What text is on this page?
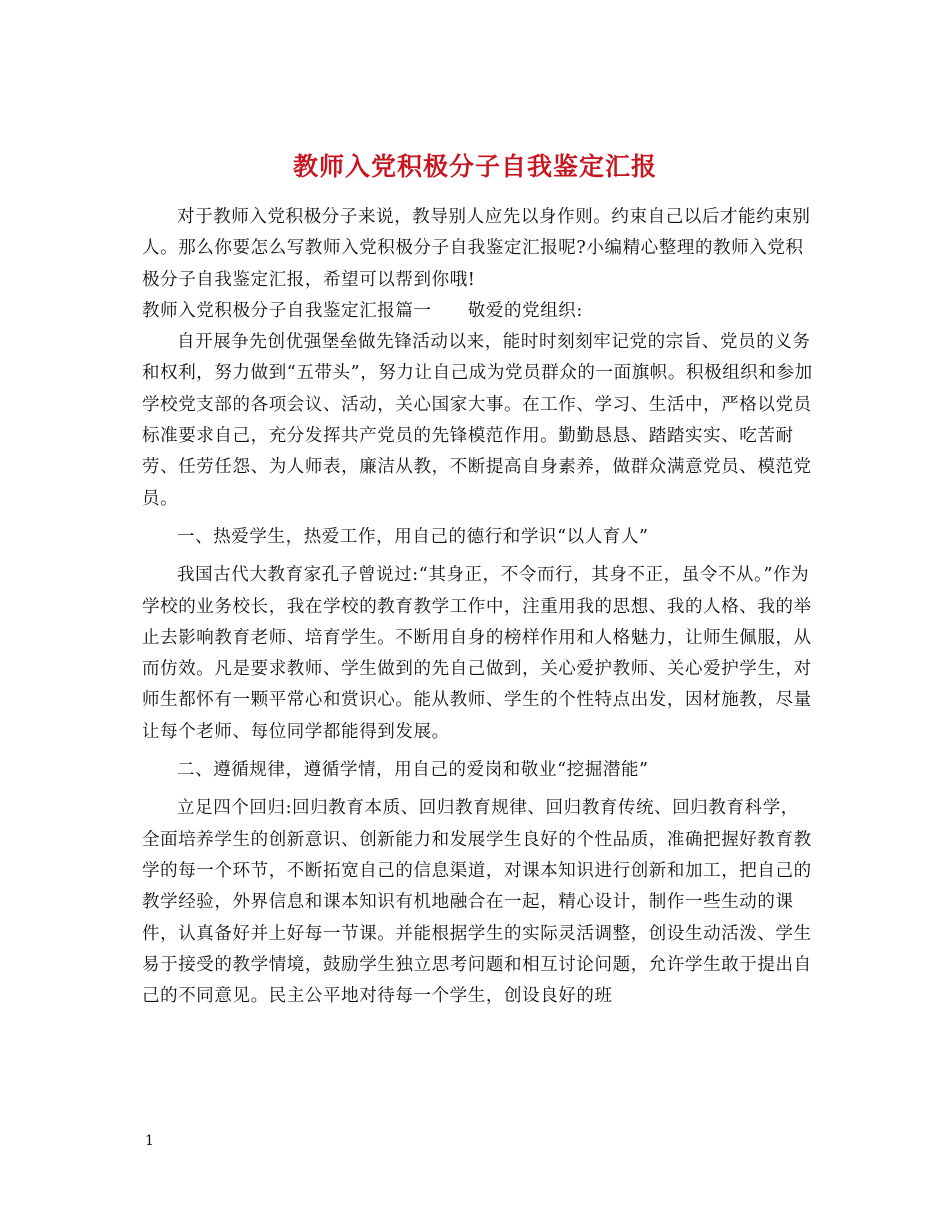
教师入党积极分子自我鉴定汇报

对于教师入党积极分子来说，教导别人应先以身作则。约束自己以后才能约束别人。那么你要怎么写教师入党积极分子自我鉴定汇报呢?小编精心整理的教师入党积极分子自我鉴定汇报，希望可以帮到你哦!

教师入党积极分子自我鉴定汇报篇一　　敬爱的党组织:

自开展争先创优强堡垒做先锋活动以来，能时时刻刻牢记党的宗旨、党员的义务和权利，努力做到“五带头”，努力让自己成为党员群众的一面旗帜。积极组织和参加学校党支部的各项会议、活动，关心国家大事。在工作、学习、生活中，严格以党员标准要求自己，充分发挥共产党员的先锋模范作用。勤勤恳恳、踏踏实实、吃苦耐劳、任劳任怨、为人师表，廉洁从教，不断提高自身素养，做群众满意党员、模范党员。

一、热爱学生，热爱工作，用自己的德行和学识“以人育人”

我国古代大教育家孔子曾说过:“其身正，不令而行，其身不正，虽令不从。”作为学校的业务校长，我在学校的教育教学工作中，注重用我的思想、我的人格、我的举止去影响教育老师、培育学生。不断用自身的榜样作用和人格魅力，让师生佩服，从而仿效。凡是要求教师、学生做到的先自己做到，关心爱护教师、关心爱护学生，对师生都怀有一颗平常心和赏识心。能从教师、学生的个性特点出发，因材施教，尽量让每个老师、每位同学都能得到发展。

二、遵循规律，遵循学情，用自己的爱岗和敬业“挖掘潜能”

立足四个回归:回归教育本质、回归教育规律、回归教育传统、回归教育科学，全面培养学生的创新意识、创新能力和发展学生良好的个性品质，准确把握好教育教学的每一个环节，不断拓宽自己的信息渠道，对课本知识进行创新和加工，把自己的教学经验，外界信息和课本知识有机地融合在一起，精心设计，制作一些生动的课件，认真备好并上好每一节课。并能根据学生的实际灵活调整，创设生动活泼、学生易于接受的教学情境，鼓励学生独立思考问题和相互讨论问题，允许学生敢于提出自己的不同意见。民主公平地对待每一个学生，创设良好的班

1
